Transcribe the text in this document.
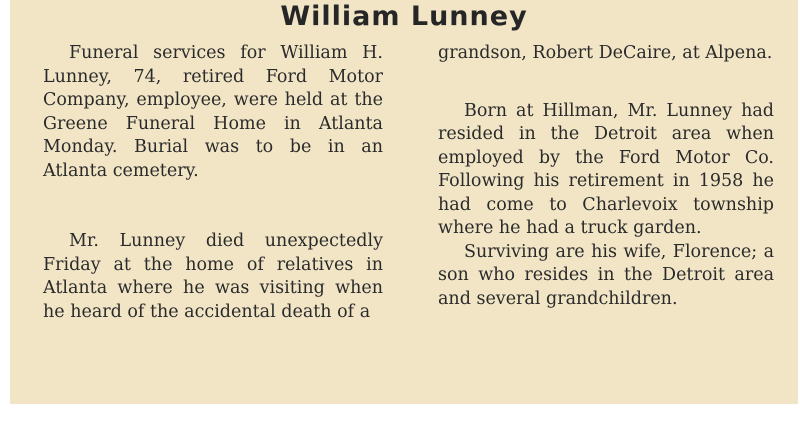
William Lunney

Funeral services for William H. Lunney, 74, retired Ford Motor Company, employee, were held at the Greene Funeral Home in Atlanta Monday. Burial was to be in an Atlanta cemetery.

Mr. Lunney died unexpectedly Friday at the home of relatives in Atlanta where he was visiting when he heard of the accidental death of a

grandson, Robert DeCaire, at Alpena.

Born at Hillman, Mr. Lunney had resided in the Detroit area when employed by the Ford Motor Co. Following his retirement in 1958 he had come to Charlevoix township where he had a truck garden.

Surviving are his wife, Florence; a son who resides in the Detroit area and several grandchildren.
